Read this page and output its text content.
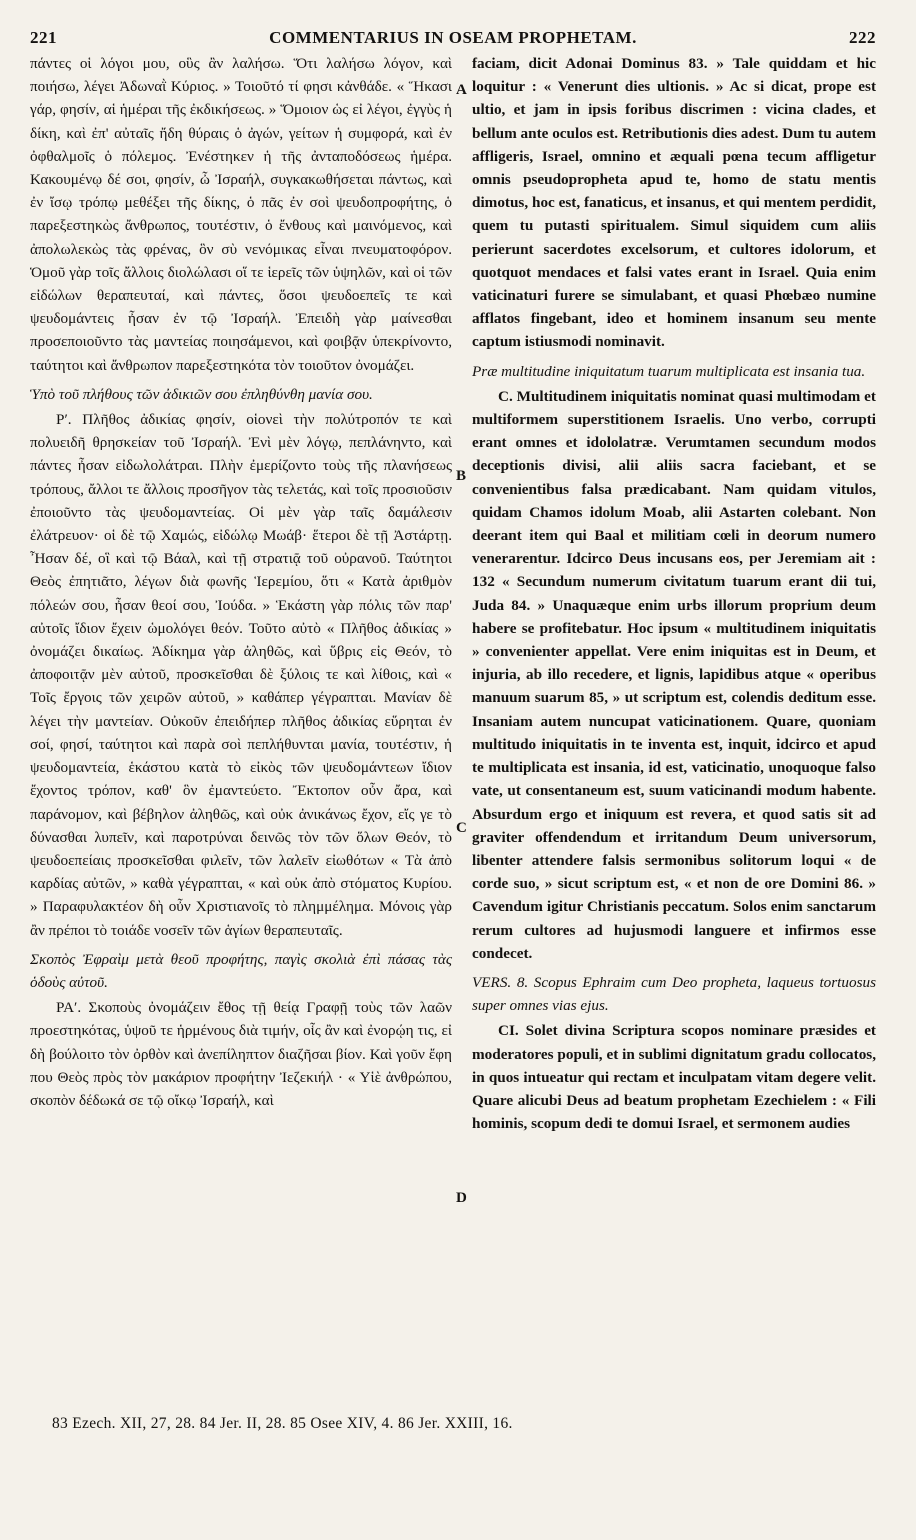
221	COMMENTARIUS IN OSEAM PROPHETAM.	222

πάντες οἱ λόγοι μου, οὓς ἂν λαλήσω. Ὅτι λαλήσω λόγον, καὶ ποιήσω, λέγει Ἀδωναῒ Κύριος. » Τοιοῦτό τί φησι κἀνθάδε. « Ἥκασι γάρ, φησίν, αἱ ἡμέραι τῆς ἐκδικήσεως. » Ὅμοιον ὡς εἰ λέγοι, ἐγγὺς ἡ δίκη, καὶ ἐπ' αὐταῖς ἤδη θύραις ὁ ἀγών, γείτων ἡ συμφορά, καὶ ἐν ὀφθαλμοῖς ὁ πόλεμος. Ἐνέστηκεν ἡ τῆς ἀνταποδόσεως ἡμέρα. Κακουμένῳ δέ σοι, φησίν, ὦ Ἰσραήλ, συγκακωθήσεται πάντως, καὶ ἐν ἴσῳ τρόπῳ μεθέξει τῆς δίκης, ὁ πᾶς ἐν σοὶ ψευδοπροφήτης, ὁ παρεξεστηκὼς ἄνθρωπος, τουτέστιν, ὁ ἔνθους καὶ μαινόμενος, καὶ ἀπολωλεκὼς τὰς φρένας, ὃν σὺ νενόμικας εἶναι πνευματοφόρον. Ὁμοῦ γὰρ τοῖς ἄλλοις διολώλασι οἵ τε ἱερεῖς τῶν ὑψηλῶν, καὶ οἱ τῶν εἰδώλων θεραπευταί, καὶ πάντες, ὅσοι ψευδοεπεῖς τε καὶ ψευδομάντεις ἦσαν ἐν τῷ Ἰσραήλ. Ἐπειδὴ γὰρ μαίνεσθαι προσεποιοῦντο τὰς μαντείας ποιησάμενοι, καὶ φοιβᾷν ὑπεκρίνοντο, ταύτητοι καὶ ἄνθρωπον παρεξεστηκότα τὸν τοιοῦτον ὀνομάζει.

Ὑπὸ τοῦ πλήθους τῶν ἀδικιῶν σου ἐπληθύνθη μανία σου.

Ρʹ. Πλῆθος ἀδικίας φησίν, οἱονεὶ τὴν πολύτροπόν τε καὶ πολυειδῆ θρησκείαν τοῦ Ἰσραήλ. Ἐνὶ μὲν λόγῳ, πεπλάνηντο, καὶ πάντες ἦσαν εἰδωλολάτραι. Πλὴν ἐμερίζοντο τοὺς τῆς πλανήσεως τρόπους, ἄλλοι τε ἄλλοις προσῆγον τὰς τελετάς, καὶ τοῖς προσιοῦσιν ἐποιοῦντο τὰς ψευδομαντείας. Οἱ μὲν γὰρ ταῖς δαμάλεσιν ἐλάτρευον· οἱ δὲ τῷ Χαμώς, εἰδώλῳ Μωάβ· ἕτεροι δὲ τῇ Ἀστάρτῃ. Ἦσαν δέ, οἳ καὶ τῷ Βάαλ, καὶ τῇ στρατιᾷ τοῦ οὐρανοῦ. Ταύτητοι Θεὸς ἐπητιᾶτο, λέγων διὰ φωνῆς Ἱερεμίου, ὅτι « Κατὰ ἀριθμὸν πόλεών σου, ἦσαν θεοί σου, Ἰούδα. » Ἑκάστη γὰρ πόλις τῶν παρ' αὐτοῖς ἴδιον ἔχειν ὡμολόγει θεόν. Τοῦτο αὐτὸ « Πλῆθος ἀδικίας » ὀνομάζει δικαίως. Ἀδίκημα γὰρ ἀληθῶς, καὶ ὕβρις εἰς Θεόν, τὸ ἀποφοιτᾷν μὲν αὐτοῦ, προσκεῖσθαι δὲ ξύλοις τε καὶ λίθοις, καὶ « Τοῖς ἔργοις τῶν χειρῶν αὐτοῦ, » καθάπερ γέγραπται. Μανίαν δὲ λέγει τὴν μαντείαν. Οὐκοῦν ἐπειδήπερ πλῆθος ἀδικίας εὕρηται ἐν σοί, φησί, ταύτητοι καὶ παρὰ σοὶ πεπλήθυνται μανία, τουτέστιν, ἡ ψευδομαντεία, ἑκάστου κατὰ τὸ εἰκὸς τῶν ψευδομάντεων ἴδιον ἔχοντος τρόπον, καθ' ὃν ἐμαντεύετο. Ἔκτοπον οὖν ἄρα, καὶ παράνομον, καὶ βέβηλον ἀληθῶς, καὶ οὐκ ἀνικάνως ἔχον, εἴς γε τὸ δύνασθαι λυπεῖν, καὶ παροτρύναι δεινῶς τὸν τῶν ὅλων Θεόν, τὸ ψευδοεπείαις προσκεῖσθαι φιλεῖν, τῶν λαλεῖν εἰωθότων « Τὰ ἀπὸ καρδίας αὐτῶν, » καθὰ γέγραπται, « καὶ οὐκ ἀπὸ στόματος Κυρίου. » Παραφυλακτέον δὴ οὖν Χριστιανοῖς τὸ πλημμέλημα. Μόνοις γὰρ ἂν πρέποι τὸ τοιάδε νοσεῖν τῶν ἁγίων θεραπευταῖς.

Σκοπὸς Ἐφραὶμ μετὰ θεοῦ προφήτης, παγὶς σκολιὰ ἐπὶ πάσας τὰς ὁδοὺς αὐτοῦ.

ΡΑʹ. Σκοποὺς ὀνομάζειν ἔθος τῇ θείᾳ Γραφῇ τοὺς τῶν λαῶν προεστηκότας, ὑψοῦ τε ἡρμένους διὰ τιμήν, οἷς ἂν καὶ ἐνορῴη τις, εἰ δὴ βούλοιτο τὸν ὀρθὸν καὶ ἀνεπίληπτον διαζῆσαι βίον. Καὶ γοῦν ἔφη που Θεὸς πρὸς τὸν μακάριον προφήτην Ἰεζεκιήλ · « Υἱὲ ἀνθρώπου, σκοπὸν δέδωκά σε τῷ οἴκῳ Ἰσραήλ, καὶ

A
B
C
D

faciam, dicit Adonai Dominus 83. » Tale quiddam et hic loquitur : « Venerunt dies ultionis. » Ac si dicat, prope est ultio, et jam in ipsis foribus discrimen : vicina clades, et bellum ante oculos est. Retributionis dies adest. Dum tu autem affligeris, Israel, omnino et æquali pœna tecum affligetur omnis pseudopropheta apud te, homo de statu mentis dimotus, hoc est, fanaticus, et insanus, et qui mentem perdidit, quem tu putasti spiritualem. Simul siquidem cum aliis perierunt sacerdotes excelsorum, et cultores idolorum, et quotquot mendaces et falsi vates erant in Israel. Quia enim vaticinaturi furere se simulabant, et quasi Phœbæo numine afflatos fingebant, ideo et hominem insanum seu mente captum istiusmodi nominavit.

Præ multitudine iniquitatum tuarum multiplicata est insania tua.

C. Multitudinem iniquitatis nominat quasi multimodam et multiformem superstitionem Israelis. Uno verbo, corrupti erant omnes et idololatræ. Verumtamen secundum modos deceptionis divisi, alii aliis sacra faciebant, et se convenientibus falsa prædicabant. Nam quidam vitulos, quidam Chamos idolum Moab, alii Astarten colebant. Non deerant item qui Baal et militiam cœli in deorum numero venerarentur. Idcirco Deus incusans eos, per Jeremiam ait : 132 « Secundum numerum civitatum tuarum erant dii tui, Juda 84. » Unaquæque enim urbs illorum proprium deum habere se profitebatur. Hoc ipsum « multitudinem iniquitatis » convenienter appellat. Vere enim iniquitas est in Deum, et injuria, ab illo recedere, et lignis, lapidibus atque « operibus manuum suarum 85, » ut scriptum est, colendis deditum esse. Insaniam autem nuncupat vaticinationem. Quare, quoniam multitudo iniquitatis in te inventa est, inquit, idcirco et apud te multiplicata est insania, id est, vaticinatio, unoquoque falso vate, ut consentaneum est, suum vaticinandi modum habente. Absurdum ergo et iniquum est revera, et quod satis sit ad graviter offendendum et irritandum Deum universorum, libenter attendere falsis sermonibus solitorum loqui « de corde suo, » sicut scriptum est, « et non de ore Domini 86. » Cavendum igitur Christianis peccatum. Solos enim sanctarum rerum cultores ad hujusmodi languere et infirmos esse condecet.

VERS. 8. Scopus Ephraim cum Deo propheta, laqueus tortuosus super omnes vias ejus.

CI. Solet divina Scriptura scopos nominare præsides et moderatores populi, et in sublimi dignitatum gradu collocatos, in quos intueatur qui rectam et inculpatam vitam degere velit. Quare alicubi Deus ad beatum prophetam Ezechielem : « Fili hominis, scopum dedi te domui Israel, et sermonem audies

83 Ezech. XII, 27, 28. 84 Jer. II, 28. 85 Osee XIV, 4. 86 Jer. XXIII, 16.
